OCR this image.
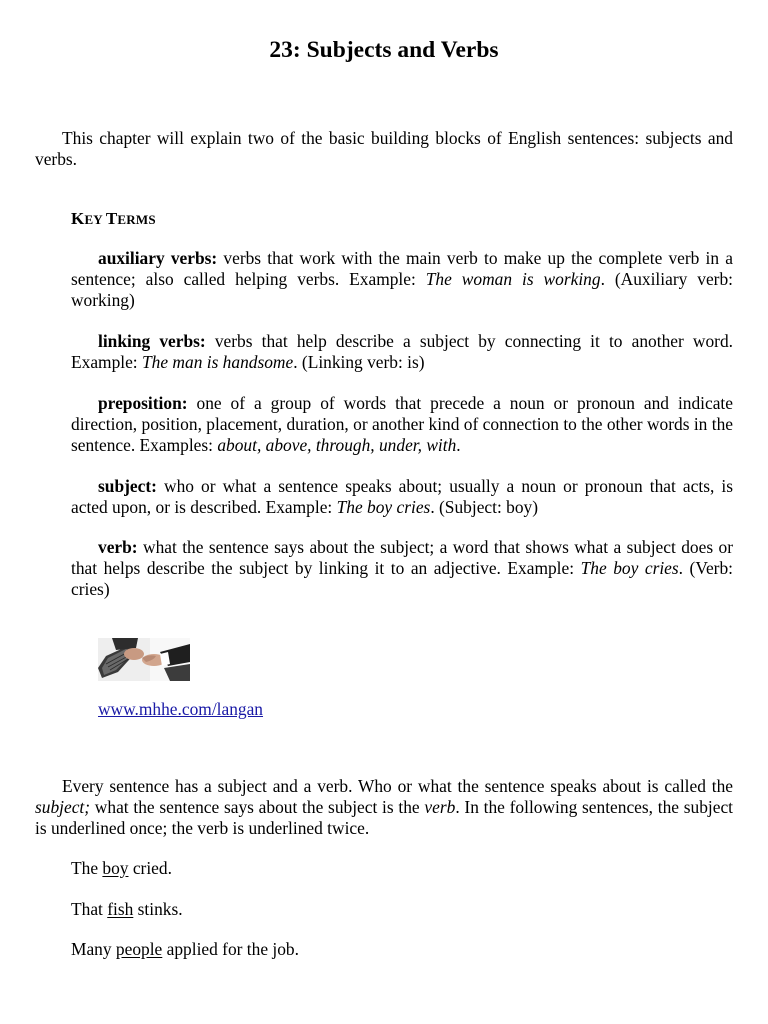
23: Subjects and Verbs

This chapter will explain two of the basic building blocks of English sentences: subjects and verbs.

KEY TERMS

auxiliary verbs: verbs that work with the main verb to make up the complete verb in a sentence; also called helping verbs. Example: The woman is working. (Auxiliary verb: working)

linking verbs: verbs that help describe a subject by connecting it to another word. Example: The man is handsome. (Linking verb: is)

preposition: one of a group of words that precede a noun or pronoun and indicate direction, position, placement, duration, or another kind of connection to the other words in the sentence. Examples: about, above, through, under, with.

subject: who or what a sentence speaks about; usually a noun or pronoun that acts, is acted upon, or is described. Example: The boy cries. (Subject: boy)

verb: what the sentence says about the subject; a word that shows what a subject does or that helps describe the subject by linking it to an adjective. Example: The boy cries. (Verb: cries)

www.mhhe.com/langan

Every sentence has a subject and a verb. Who or what the sentence speaks about is called the subject; what the sentence says about the subject is the verb. In the following sentences, the subject is underlined once; the verb is underlined twice.

The boy cried.
That fish stinks.
Many people applied for the job.
